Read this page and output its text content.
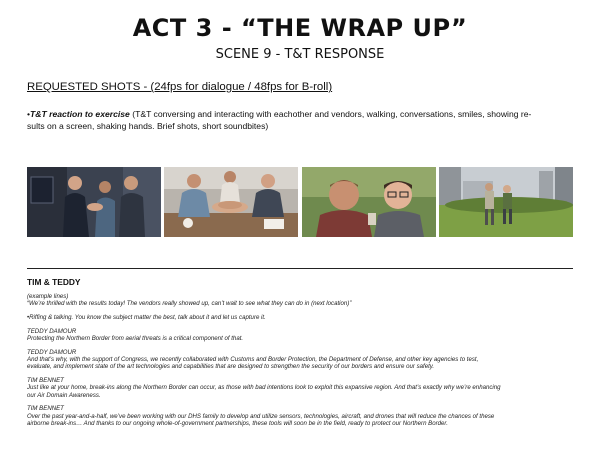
ACT 3 - “THE WRAP UP”
SCENE 9 - T&T RESPONSE
REQUESTED SHOTS - (24fps for dialogue / 48fps for B-roll)
•T&T reaction to exercise (T&T conversing and interacting with eachother and vendors, walking, conversations, smiles, showing re-
sults on a screen, shaking hands. Brief shots, short soundbites)
TIM & TEDDY
(example lines)
“We’re thrilled with the results today! The vendors really showed up, can’t wait to see what they can do in (next location)”
•Riffing & talking. You know the subject matter the best, talk about it and let us capture it.
TEDDY DAMOUR
Protecting the Northern Border from aerial threats is a critical component of that.
TEDDY DAMOUR
And that’s why, with the support of Congress, we recently collaborated with Customs and Border Protection, the Department of Defense, and other key agencies to test,
evaluate, and implement state of the art technologies and capabilities that are designed to strengthen the security of our borders and ensure our safety.
TIM BENNET
Just like at your home, break-ins along the Northern Border can occur, as those with bad intentions look to exploit this expansive region. And that’s exactly why we’re enhancing
our Air Domain Awareness.
TIM BENNET
Over the past year-and-a-half, we’ve been working with our DHS family to develop and utilize sensors, technologies, aircraft, and drones that will reduce the chances of these
airborne break-ins… And thanks to our ongoing whole-of-government partnerships, these tools will soon be in the field, ready to protect our Northern Border.
